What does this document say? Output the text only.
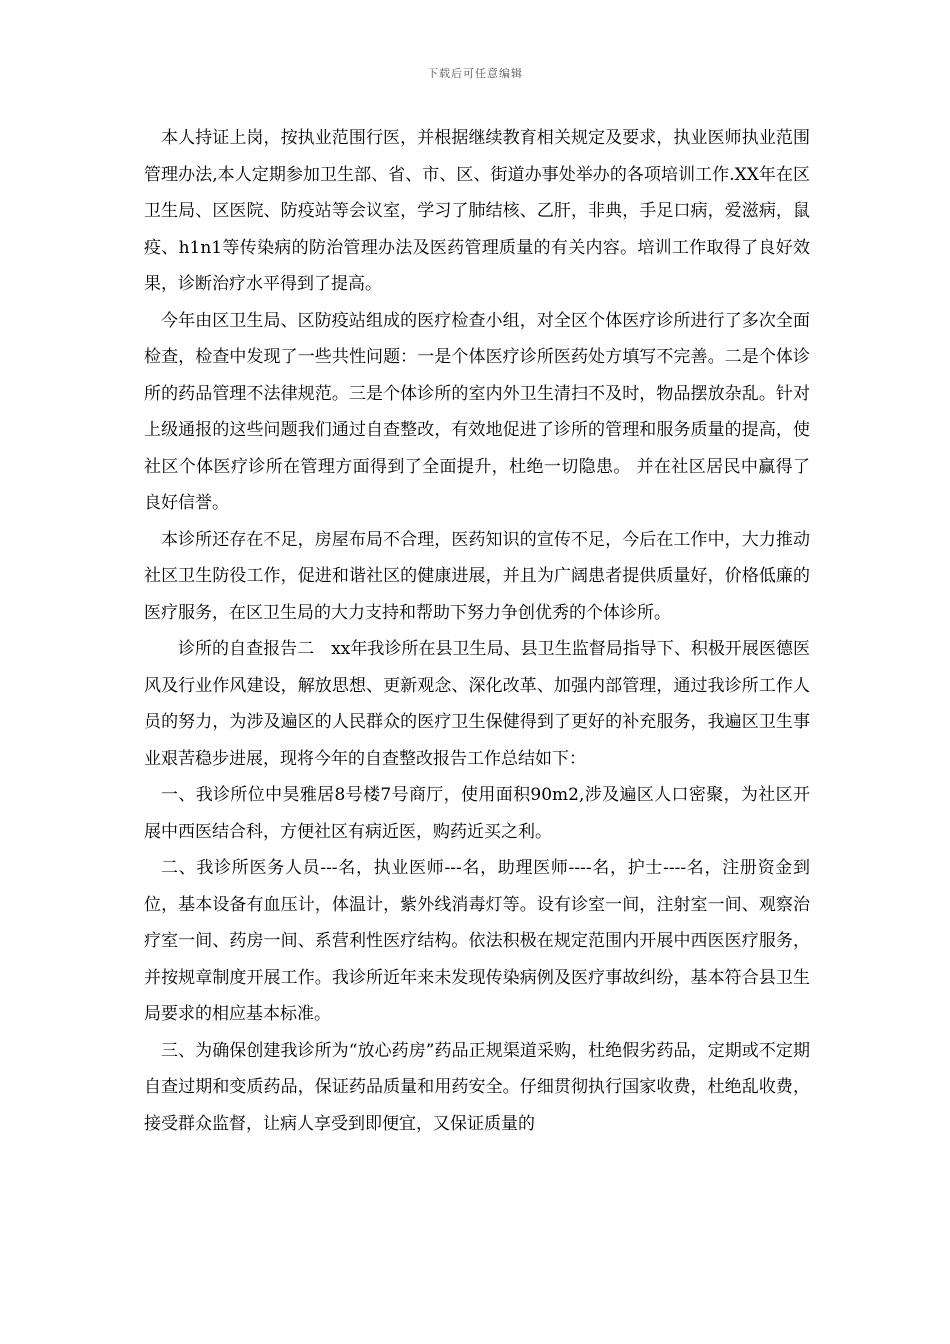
下载后可任意编辑

本人持证上岗，按执业范围行医，并根据继续教育相关规定及要求，执业医师执业范围管理办法,本人定期参加卫生部、省、市、区、街道办事处举办的各项培训工作.XX年在区卫生局、区医院、防疫站等会议室，学习了肺结核、乙肝，非典，手足口病，爱滋病，鼠疫、h1n1等传染病的防治管理办法及医药管理质量的有关内容。培训工作取得了良好效果，诊断治疗水平得到了提高。

今年由区卫生局、区防疫站组成的医疗检查小组，对全区个体医疗诊所进行了多次全面检查，检查中发现了一些共性问题：一是个体医疗诊所医药处方填写不完善。二是个体诊所的药品管理不法律规范。三是个体诊所的室内外卫生清扫不及时，物品摆放杂乱。针对上级通报的这些问题我们通过自查整改，有效地促进了诊所的管理和服务质量的提高，使社区个体医疗诊所在管理方面得到了全面提升，杜绝一切隐患。 并在社区居民中赢得了良好信誉。

本诊所还存在不足，房屋布局不合理，医药知识的宣传不足，今后在工作中，大力推动社区卫生防役工作，促进和谐社区的健康进展，并且为广阔患者提供质量好，价格低廉的医疗服务，在区卫生局的大力支持和帮助下努力争创优秀的个体诊所。

诊所的自查报告二　xx年我诊所在县卫生局、县卫生监督局指导下、积极开展医德医风及行业作风建设，解放思想、更新观念、深化改革、加强内部管理，通过我诊所工作人员的努力，为涉及遍区的人民群众的医疗卫生保健得到了更好的补充服务，我遍区卫生事业艰苦稳步进展，现将今年的自查整改报告工作总结如下：

一、我诊所位中昊雅居8号楼7号商厅，使用面积90m2,涉及遍区人口密聚，为社区开展中西医结合科，方便社区有病近医，购药近买之利。

二、我诊所医务人员---名，执业医师---名，助理医师----名，护士----名，注册资金到位，基本设备有血压计，体温计，紫外线消毒灯等。设有诊室一间，注射室一间、观察治疗室一间、药房一间、系营利性医疗结构。依法积极在规定范围内开展中西医医疗服务，并按规章制度开展工作。我诊所近年来未发现传染病例及医疗事故纠纷，基本符合县卫生局要求的相应基本标准。

三、为确保创建我诊所为“放心药房”药品正规渠道采购，杜绝假劣药品，定期或不定期自查过期和变质药品，保证药品质量和用药安全。仔细贯彻执行国家收费，杜绝乱收费，接受群众监督，让病人享受到即便宜，又保证质量的
